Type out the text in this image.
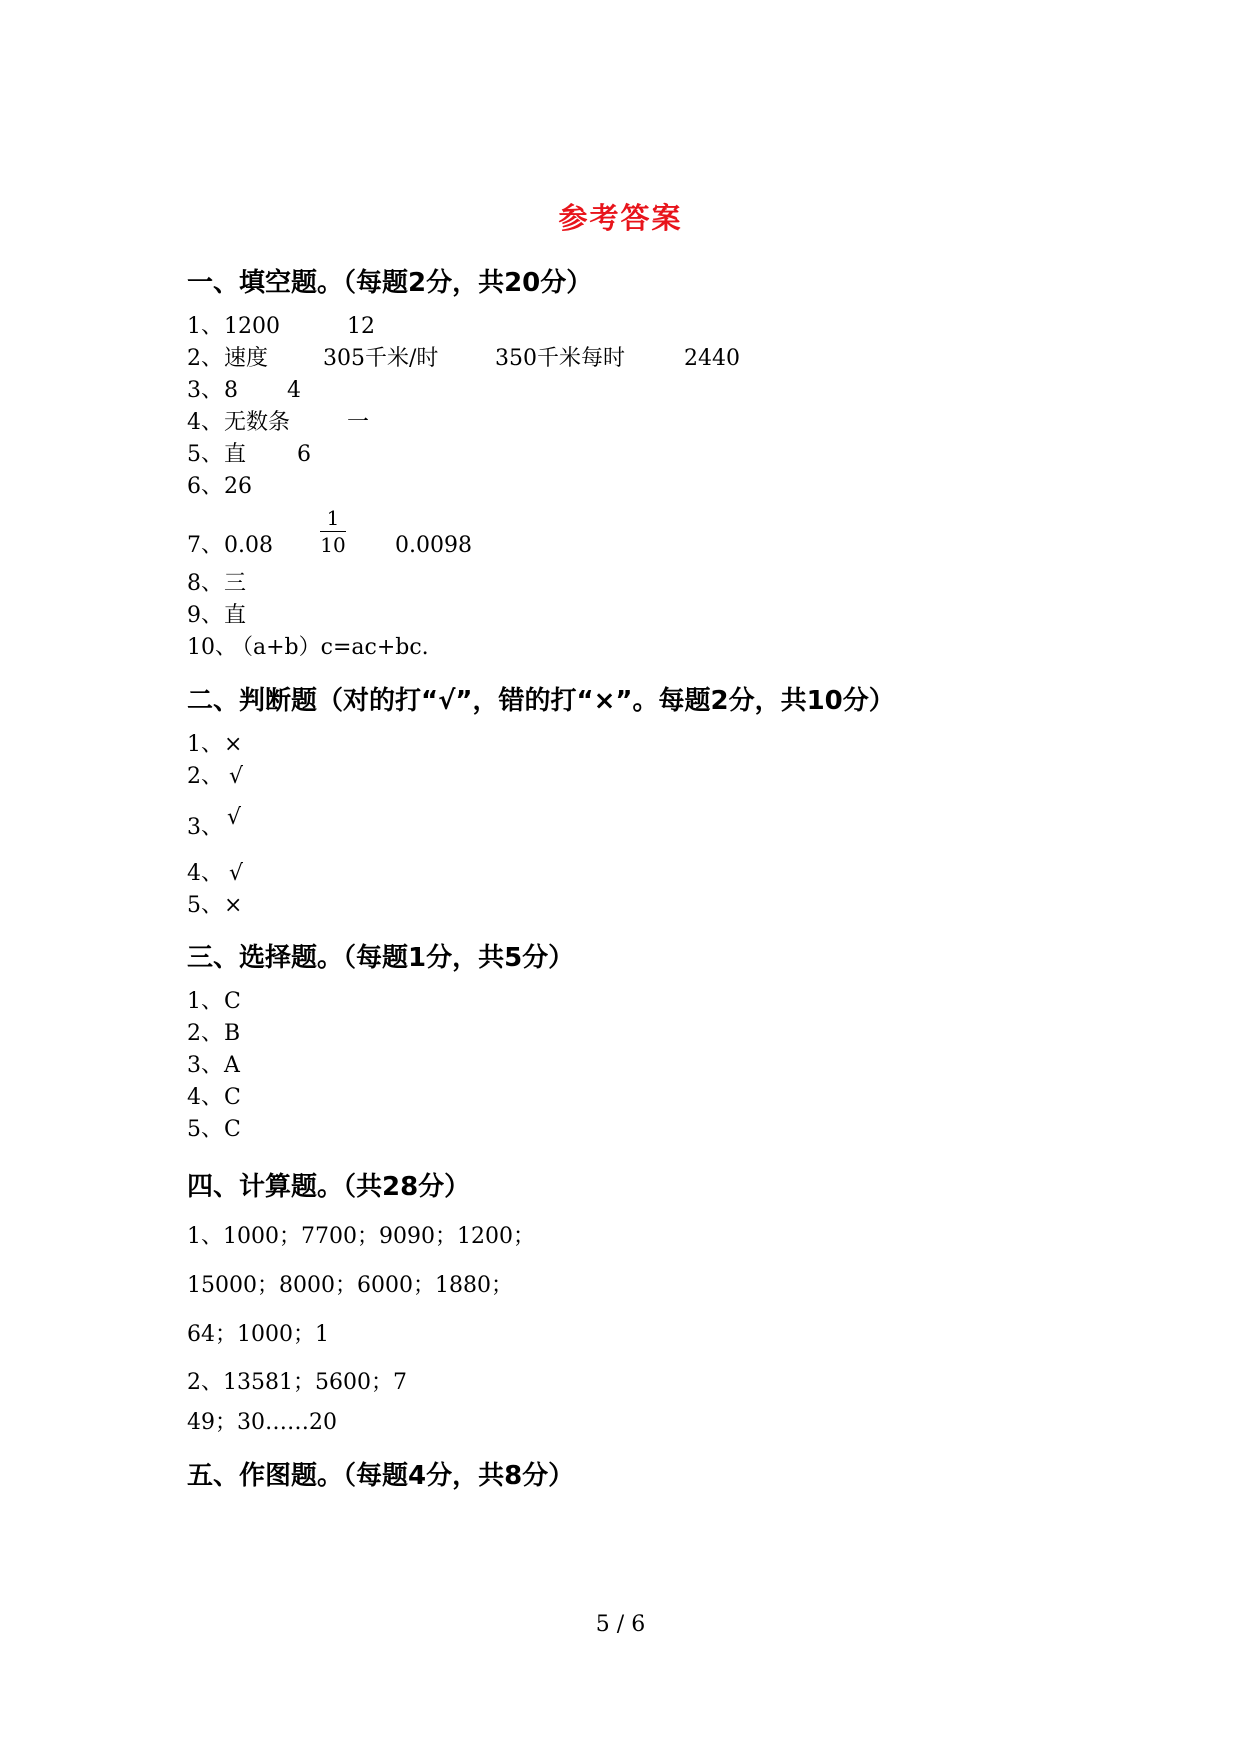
参考答案
一、填空题。（每题2分，共20分）
1、 1200	12
2、 速度 305千米/时	350千米每时	2440
3、 8 4
4、 无数条	一
5、 直 6
6、 26
7、 0.08
1
10 0.0098
8、 三
9、 直
10、
（a+b）c=ac+bc.
二、判断题（对的打“√”，错的打“×”。每题2分，共10分）
1、 ×
2、 √
3、 √
4、 √
5、 ×
三、选择题。（每题1分，共5分）
1、 C
2、 B
3、 A
4、 C
5、 C
四、计算题。（共28分）
1、1000；7700；9090；1200；
15000；8000；6000；1880；
64；1000；1
2、13581；5600；7
49；30……20
五、作图题。（每题4分，共8分）
5 / 6
